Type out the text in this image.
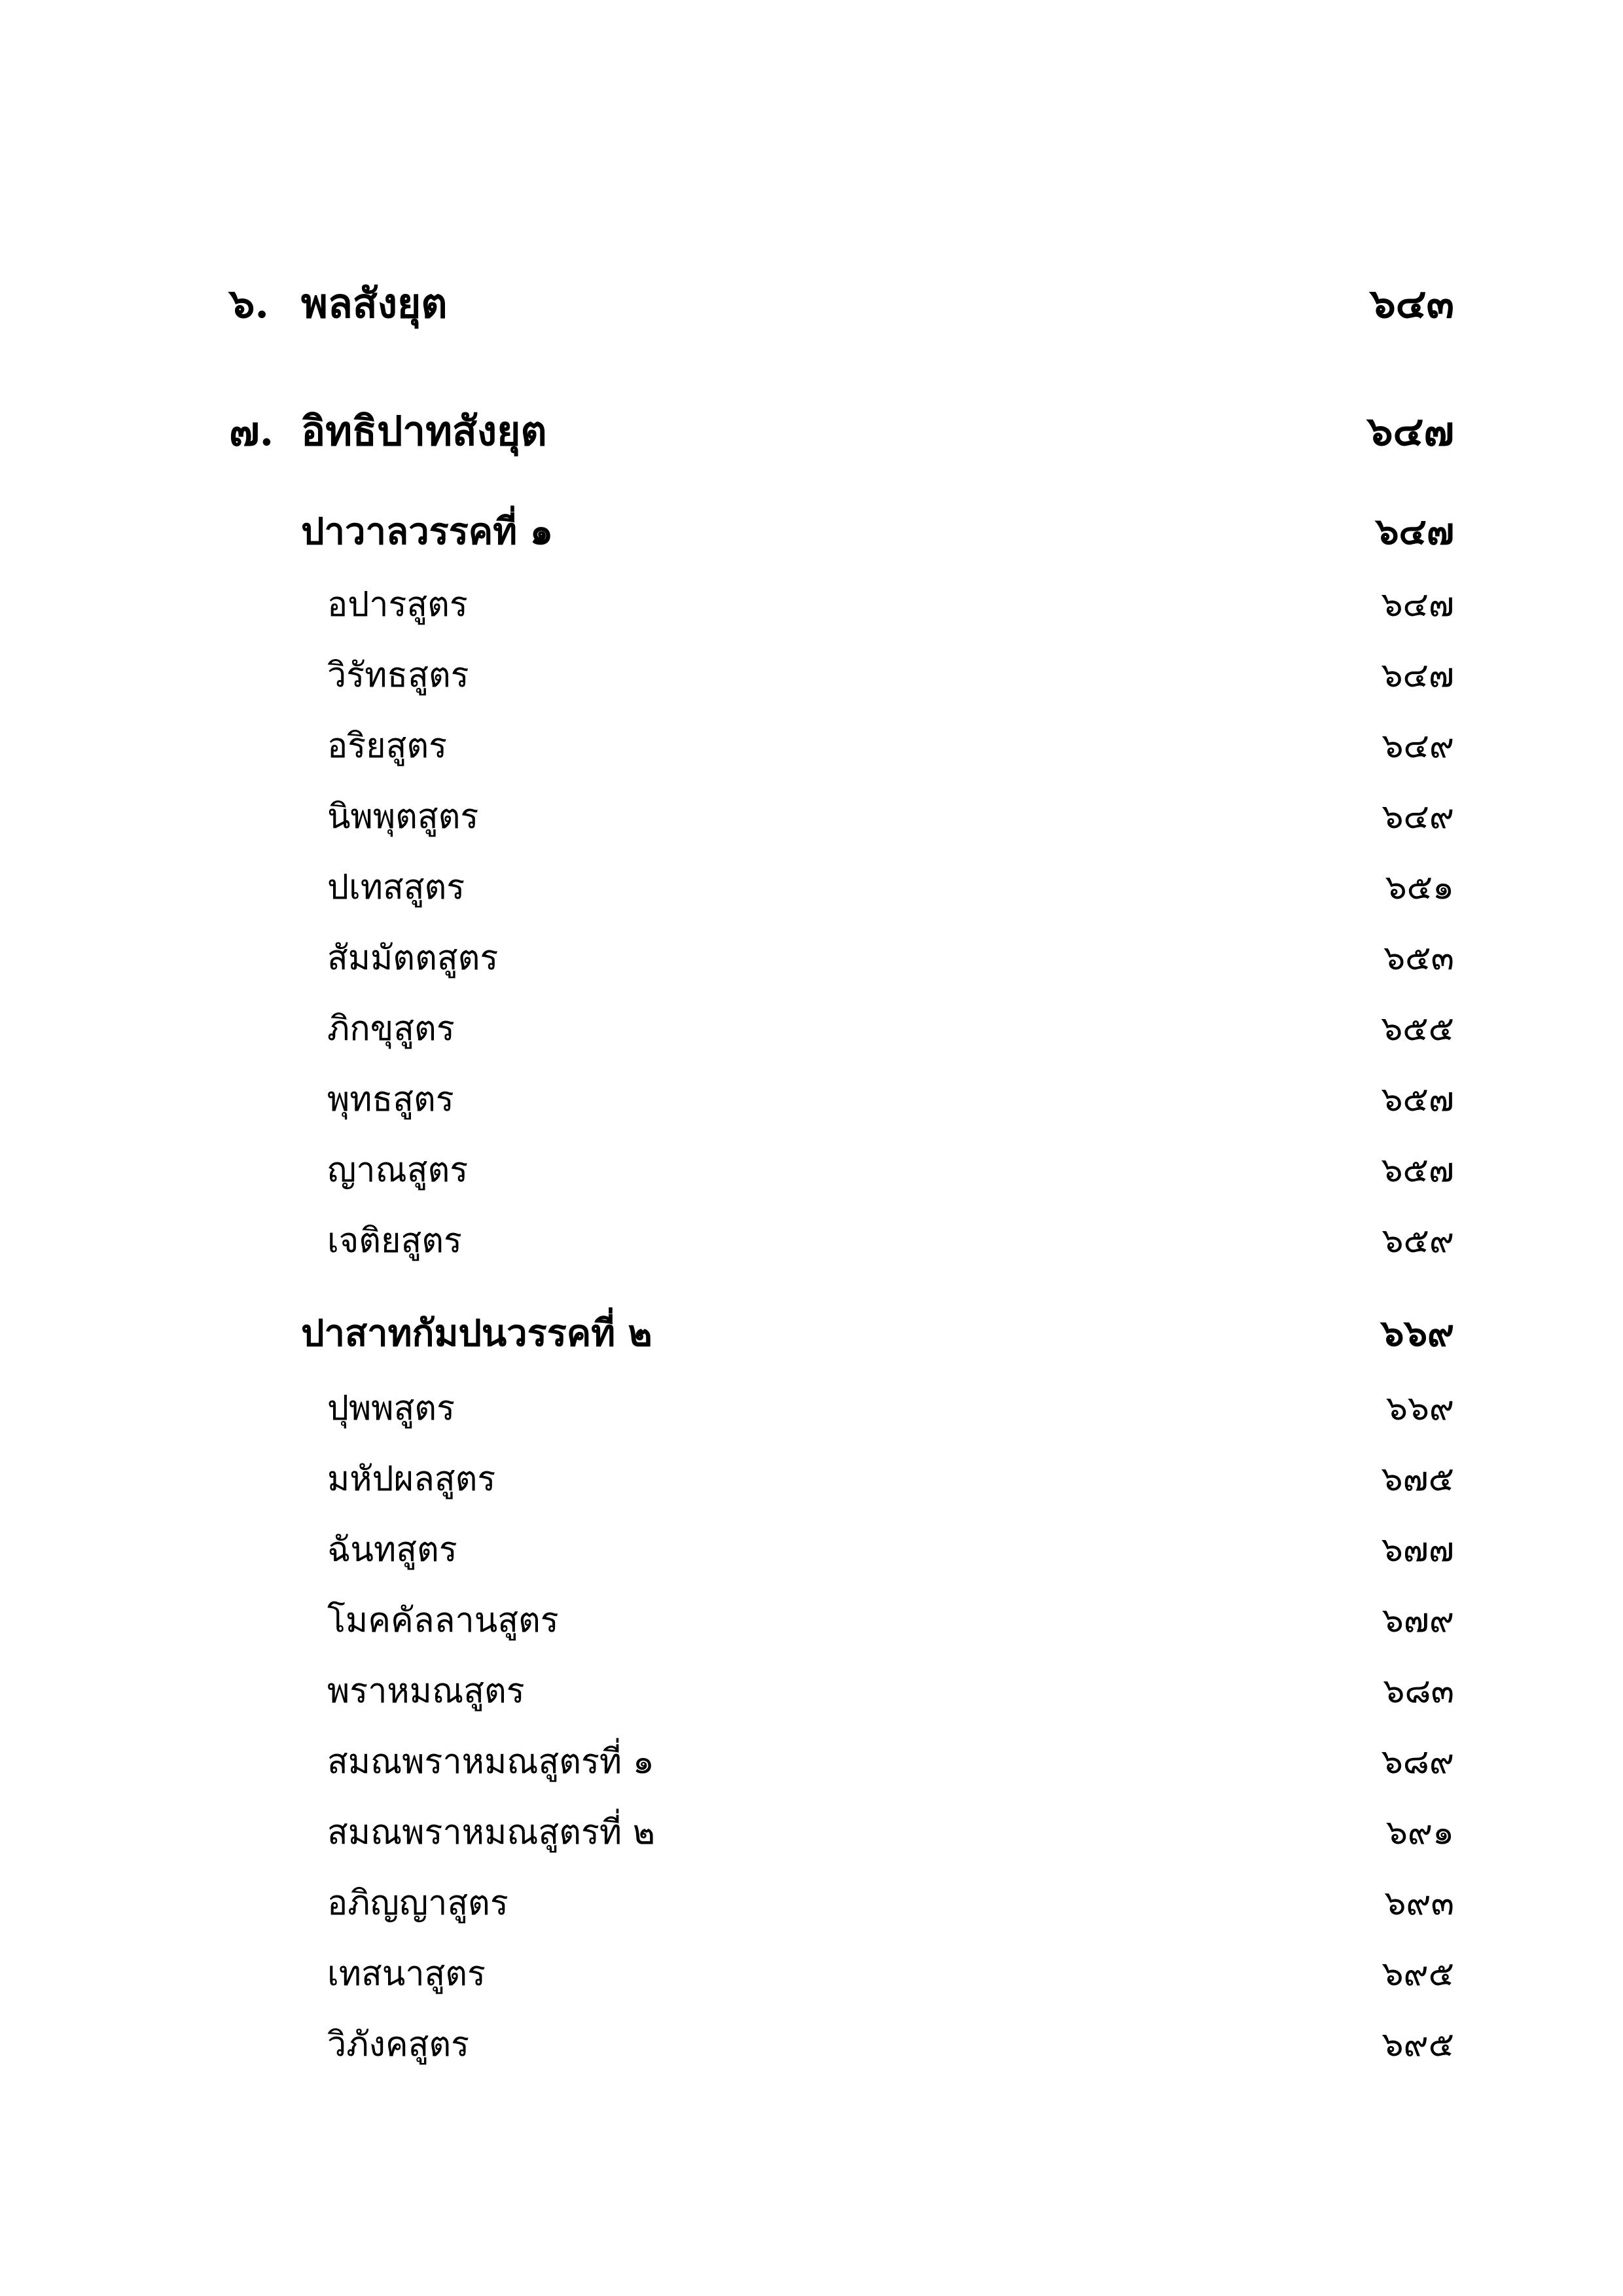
๖. พลสังยุต	๖๔๓
๗. อิทธิปาทสังยุต	๖๔๗
ปาวาลวรรคที่ ๑	๖๔๗
อปารสูตร	๖๔๗
วิรัทธสูตร	๖๔๗
อริยสูตร	๖๔๙
นิพพุตสูตร	๖๔๙
ปเทสสูตร	๖๕๑
สัมมัตตสูตร	๖๕๓
ภิกขุสูตร	๖๕๕
พุทธสูตร	๖๕๗
ญาณสูตร	๖๕๗
เจติยสูตร	๖๕๙
ปาสาทกัมปนวรรคที่ ๒	๖๖๙
ปุพพสูตร	๖๖๙
มหัปผลสูตร	๖๗๕
ฉันทสูตร	๖๗๗
โมคคัลลานสูตร	๖๗๙
พราหมณสูตร	๖๘๓
สมณพราหมณสูตรที่ ๑	๖๘๙
สมณพราหมณสูตรที่ ๒	๖๙๑
อภิญญาสูตร	๖๙๓
เทสนาสูตร	๖๙๕
วิภังคสูตร	๖๙๕
